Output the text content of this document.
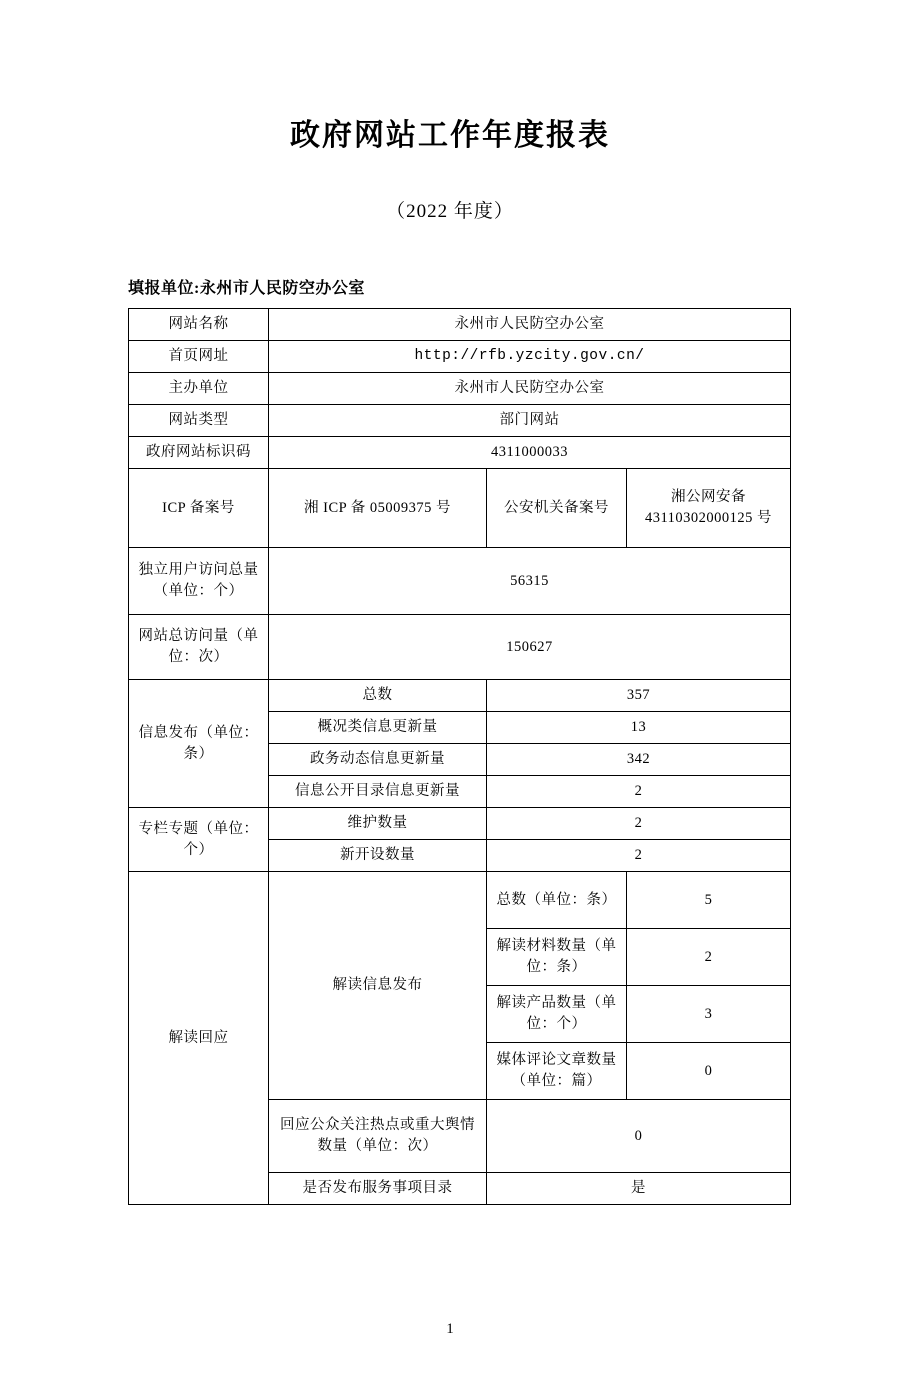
政府网站工作年度报表
（2022 年度）
填报单位:永州市人民防空办公室
网站名称	永州市人民防空办公室		
首页网址	http://rfb.yzcity.gov.cn/		
主办单位	永州市人民防空办公室		
网站类型	部门网站		
政府网站标识码	4311000033		
ICP 备案号	湘 ICP 备 05009375 号	公安机关备案号	湘公网安备 43110302000125 号
独立用户访问总量（单位：个）	56315		
网站总访问量（单位：次）	150627		
信息发布（单位：条）	总数	357	
	概况类信息更新量	13	
	政务动态信息更新量	342	
	信息公开目录信息更新量	2	
专栏专题（单位：个）	维护数量	2	
	新开设数量	2	
解读回应	解读信息发布	总数（单位：条）	5
		解读材料数量（单位：条）	2
		解读产品数量（单位：个）	3
		媒体评论文章数量（单位：篇）	0
	回应公众关注热点或重大舆情数量（单位：次）	0	
	是否发布服务事项目录	是	
1
